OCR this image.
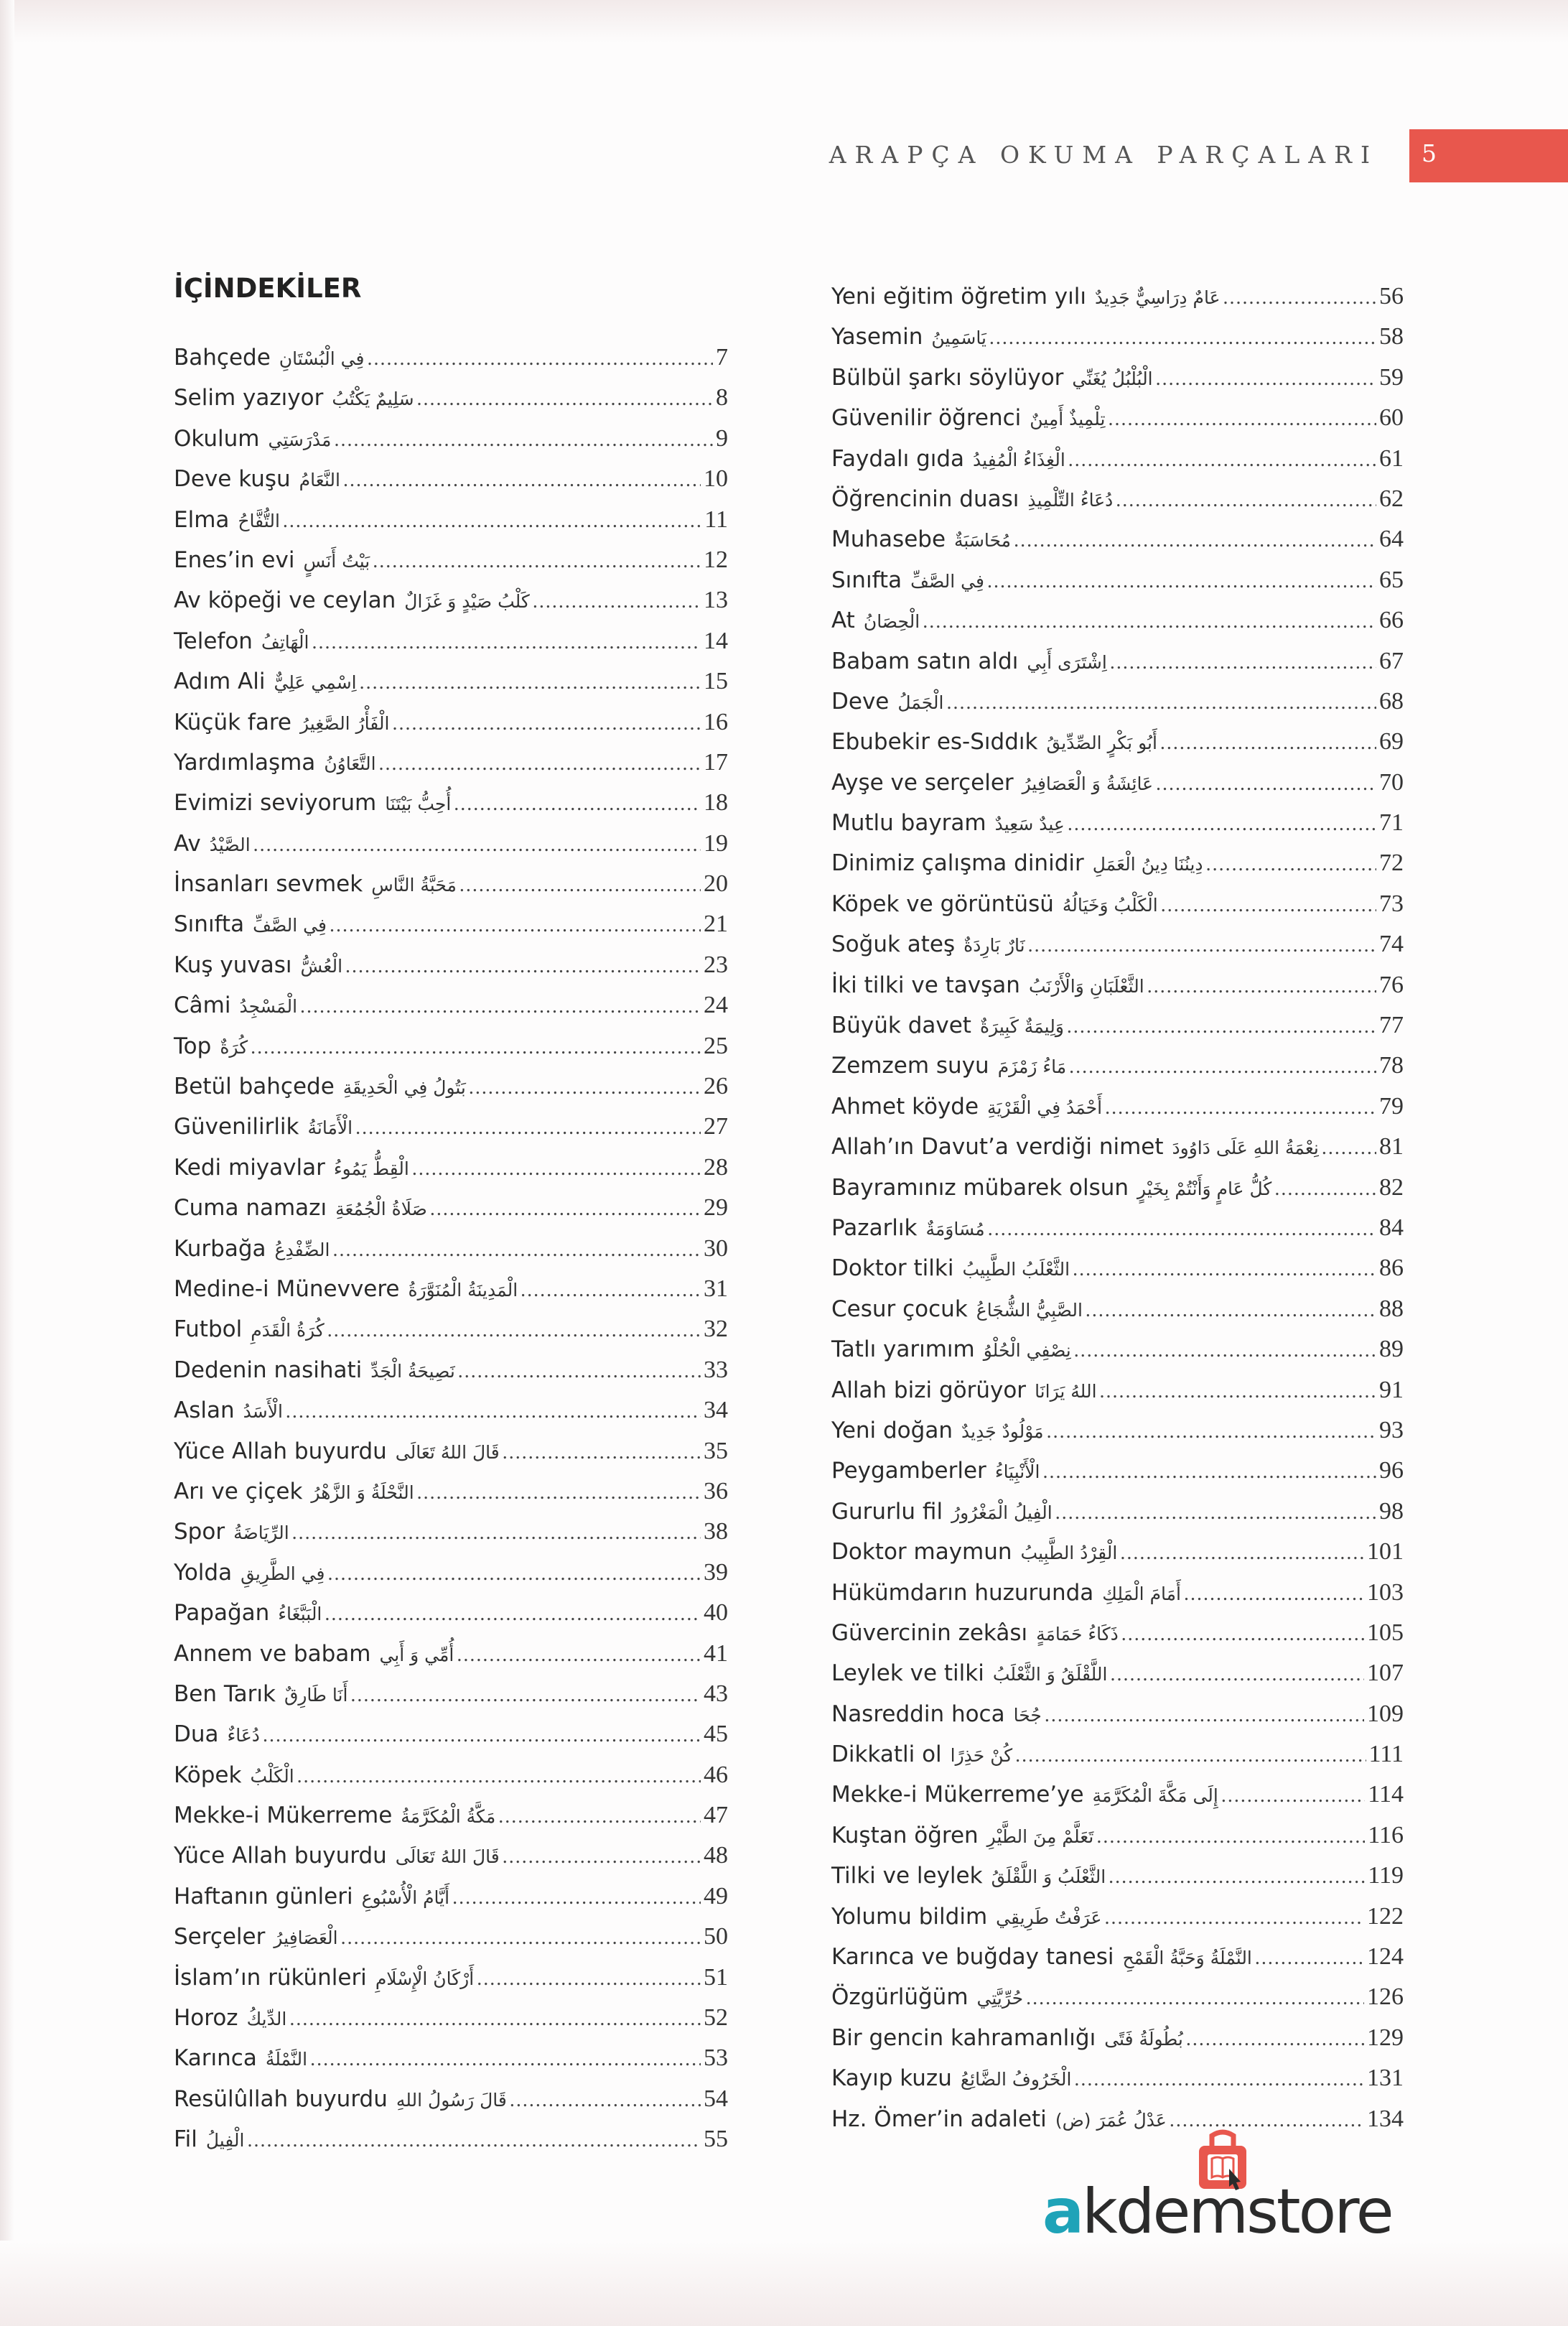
ARAPÇA OKUMA PARÇALARI 5
İÇİNDEKİLER
Bahçede فِي الْبُسْتَانِ .....	7
Selim yazıyor سَلِيمٌ يَكْتُبُ .....	8
Okulum مَدْرَسَتِي .....	9
Deve kuşu النَّعَامُ .....	10
Elma التُّفَّاحُ .....	11
Enes’in evi بَيْتُ أَنَسٍ .....	12
Av köpeği ve ceylan كَلْبُ صَيْدٍ وَ غَزَالٌ .....	13
Telefon الْهَاتِفُ .....	14
Adım Ali اِسْمِي عَلِيٌّ .....	15
Küçük fare الْفَأْرُ الصَّغِيرُ .....	16
Yardımlaşma التَّعَاوُنُ .....	17
Evimizi seviyorum أُحِبُّ بَيْتَنَا .....	18
Av الصَّيْدُ .....	19
İnsanları sevmek مَحَبَّةُ النَّاسِ .....	20
Sınıfta فِي الصَّفِّ .....	21
Kuş yuvası الْعُشُّ .....	23
Câmi الْمَسْجِدُ .....	24
Top كُرَةٌ .....	25
Betül bahçede بَتُولُ فِي الْحَدِيقَةِ .....	26
Güvenilirlik الْأَمَانَةُ .....	27
Kedi miyavlar الْقِطُّ يَمُوءُ .....	28
Cuma namazı صَلَاةُ الْجُمُعَةِ .....	29
Kurbağa الضِّفْدِعُ .....	30
Medine-i Münevvere الْمَدِينَةُ الْمُنَوَّرَةُ .....	31
Futbol كُرَةُ الْقَدَمِ .....	32
Dedenin nasihati نَصِيحَةُ الْجَدِّ .....	33
Aslan الْأَسَدُ .....	34
Yüce Allah buyurdu قَالَ اللهُ تَعَالَى .....	35
Arı ve çiçek النَّحْلَةُ وَ الزَّهْرُ .....	36
Spor الرِّيَاضَةُ .....	38
Yolda فِي الطَّرِيقِ .....	39
Papağan الْبَبَّغَاءُ .....	40
Annem ve babam أُمِّي وَ أَبِي .....	41
Ben Tarık أَنَا طَارِقٌ .....	43
Dua دُعَاءٌ .....	45
Köpek الْكَلْبُ .....	46
Mekke-i Mükerreme مَكَّةُ الْمُكَرَّمَةُ .....	47
Yüce Allah buyurdu قَالَ اللهُ تَعَالَى .....	48
Haftanın günleri أَيَّامُ الْأُسْبُوعِ .....	49
Serçeler الْعَصَافِيرُ .....	50
İslam’ın rükünleri أَرْكَانُ الْإِسْلَامِ .....	51
Horoz الدِّيكُ .....	52
Karınca النَّمْلَةُ .....	53
Resülûllah buyurdu قَالَ رَسُولُ اللهِ .....	54
Fil الْفِيلُ .....	55
Yeni eğitim öğretim yılı عَامٌ دِرَاسِيٌّ جَدِيدٌ .....	56
Yasemin يَاسَمِينُ .....	58
Bülbül şarkı söylüyor الْبُلْبُلُ يُغَنِّي .....	59
Güvenilir öğrenci تِلْمِيذٌ أَمِينٌ .....	60
Faydalı gıda الْغِذَاءُ الْمُفِيدُ .....	61
Öğrencinin duası دُعَاءُ التِّلْمِيذِ .....	62
Muhasebe مُحَاسَبَةٌ .....	64
Sınıfta فِي الصَّفِّ .....	65
At الْحِصَانُ .....	66
Babam satın aldı اِشْتَرَى أَبِي .....	67
Deve الْجَمَلُ .....	68
Ebubekir es-Sıddık أَبُو بَكْرٍ الصِّدِّيقُ .....	69
Ayşe ve serçeler عَائِشَةُ وَ الْعَصَافِيرُ .....	70
Mutlu bayram عِيدٌ سَعِيدٌ .....	71
Dinimiz çalışma dinidir دِينُنَا دِينُ الْعَمَلِ .....	72
Köpek ve görüntüsü الْكَلْبُ وَخَيَالُهُ .....	73
Soğuk ateş نَارٌ بَارِدَةٌ .....	74
İki tilki ve tavşan الثَّعْلَبَانِ وَالْأَرْنَبُ .....	76
Büyük davet وَلِيمَةٌ كَبِيرَةٌ .....	77
Zemzem suyu مَاءُ زَمْزَمَ .....	78
Ahmet köyde أَحْمَدُ فِي الْقَرْيَةِ .....	79
Allah’ın Davut’a verdiği nimet نِعْمَةُ اللهِ عَلَى دَاوُودَ ..... 81
Bayramınız mübarek olsun كُلُّ عَامٍ وَأَنْتُمْ بِخَيْرٍ .....	82
Pazarlık مُسَاوَمَةٌ .....	84
Doktor tilki الثَّعْلَبُ الطَّبِيبُ .....	86
Cesur çocuk الصَّبِيُّ الشُّجَاعُ .....	88
Tatlı yarımım نِصْفِي الْحُلْوُ .....	89
Allah bizi görüyor اللهُ يَرَانَا .....	91
Yeni doğan مَوْلُودٌ جَدِيدٌ .....	93
Peygamberler الْأَنْبِيَاءُ .....	96
Gururlu fil الْفِيلُ الْمَغْرُورُ .....	98
Doktor maymun الْقِرْدُ الطَّبِيبُ .....	101
Hükümdarın huzurunda أَمَامَ الْمَلِكِ .....	103
Güvercinin zekâsı ذَكَاءُ حَمَامَةٍ .....	105
Leylek ve tilki اللَّقْلَقُ وَ الثَّعْلَبُ .....	107
Nasreddin hoca جُحَا .....	109
Dikkatli ol كُنْ حَذِرًا .....	111
Mekke-i Mükerreme’ye إِلَى مَكَّةَ الْمُكَرَّمَةِ .....	114
Kuştan öğren تَعَلَّمْ مِنَ الطَّيْرِ .....	116
Tilki ve leylek الثَّعْلَبُ وَ اللَّقْلَقُ .....	119
Yolumu bildim عَرَفْتُ طَرِيقِي .....	122
Karınca ve buğday tanesi النَّمْلَةُ وَحَبَّةُ الْقَمْحِ .....	124
Özgürlüğüm حُرِّيَّتِي .....	126
Bir gencin kahramanlığı بُطُولَةُ فَتًى .....	129
Kayıp kuzu الْخَرُوفُ الضَّائِعُ .....	131
Hz. Ömer’in adaleti عَدْلُ عُمَرَ (ض) .....	134
akdemstore
